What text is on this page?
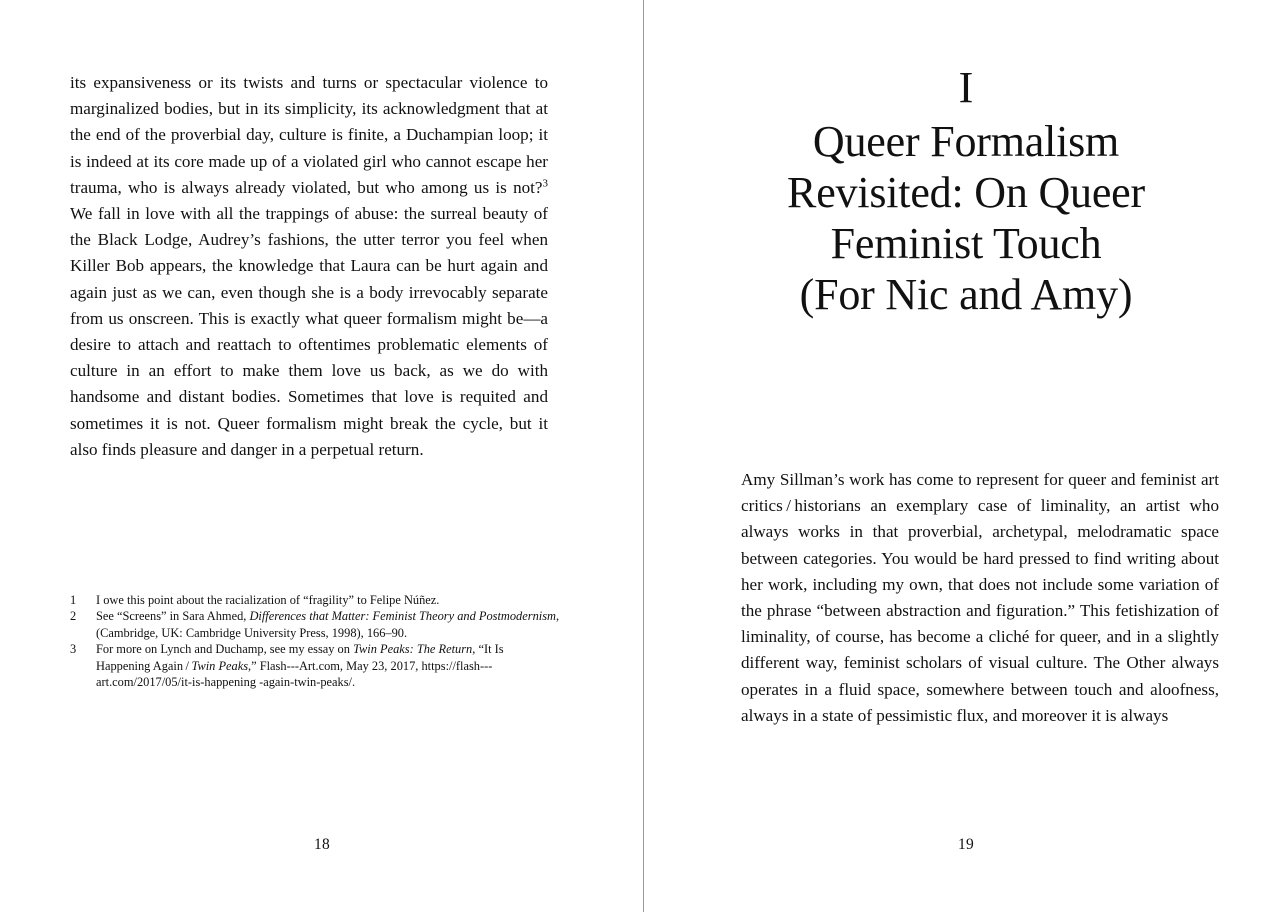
its expansiveness or its twists and turns or spectacular violence to marginalized bodies, but in its simplicity, its acknowledgment that at the end of the proverbial day, culture is finite, a Duchampian loop; it is indeed at its core made up of a violated girl who cannot escape her trauma, who is always already violated, but who among us is not?$^3$ We fall in love with all the trappings of abuse: the surreal beauty of the Black Lodge, Audrey’s fashions, the utter terror you feel when Killer Bob appears, the knowledge that Laura can be hurt again and again just as we can, even though she is a body irrevocably separate from us onscreen. This is exactly what queer formalism might be—a desire to attach and reattach to oftentimes problematic elements of culture in an effort to make them love us back, as we do with handsome and distant bodies. Sometimes that love is requited and sometimes it is not. Queer formalism might break the cycle, but it also finds pleasure and danger in a perpetual return.

1	I owe this point about the racialization of “fragility” to Felipe Núñez.
2	See “Screens” in Sara Ahmed, Differences that Matter: Feminist Theory and Postmodernism, (Cambridge, UK: Cambridge University Press, 1998), 166–90.
3	For more on Lynch and Duchamp, see my essay on Twin Peaks: The Return, “It Is Happening Again / Twin Peaks,” Flash---Art.com, May 23, 2017, https://flash---art.com/2017/05/it-is-happening -again-twin-peaks/.
18
I
Queer Formalism
Revisited: On Queer
Feminist Touch
(For Nic and Amy)

Amy Sillman’s work has come to represent for queer and feminist art critics / historians an exemplary case of liminality, an artist who always works in that proverbial, archetypal, melodramatic space between categories. You would be hard pressed to find writing about her work, including my own, that does not include some variation of the phrase “between abstraction and figuration.” This fetishization of liminality, of course, has become a cliché for queer, and in a slightly different way, feminist scholars of visual culture. The Other always operates in a fluid space, somewhere between touch and aloofness, always in a state of pessimistic flux, and moreover it is always

19
